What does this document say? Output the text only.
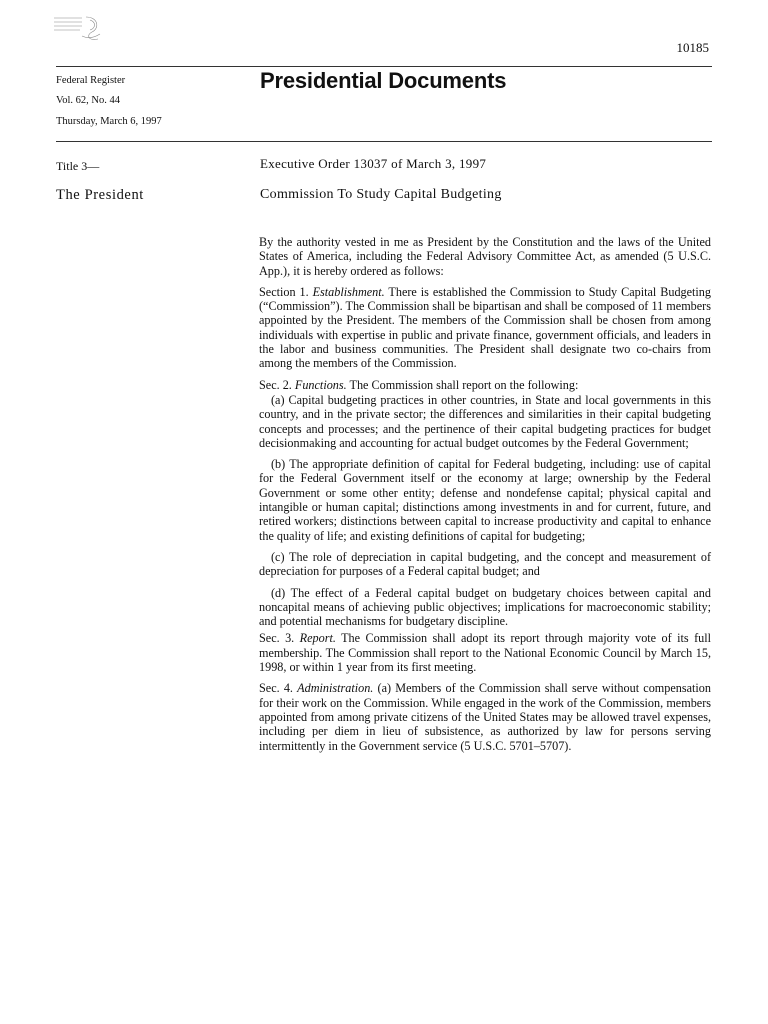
10185
Federal Register
Vol. 62, No. 44
Thursday, March 6, 1997
Presidential Documents
Title 3—
The President
Executive Order 13037 of March 3, 1997
Commission To Study Capital Budgeting

By the authority vested in me as President by the Constitution and the laws of the United States of America, including the Federal Advisory Committee Act, as amended (5 U.S.C. App.), it is hereby ordered as follows:

Section 1. Establishment. There is established the Commission to Study Capital Budgeting (“Commission”). The Commission shall be bipartisan and shall be composed of 11 members appointed by the President. The members of the Commission shall be chosen from among individuals with expertise in public and private finance, government officials, and leaders in the labor and business communities. The President shall designate two co-chairs from among the members of the Commission.

Sec. 2. Functions. The Commission shall report on the following:

(a) Capital budgeting practices in other countries, in State and local governments in this country, and in the private sector; the differences and similarities in their capital budgeting concepts and processes; and the pertinence of their capital budgeting practices for budget decisionmaking and accounting for actual budget outcomes by the Federal Government;

(b) The appropriate definition of capital for Federal budgeting, including: use of capital for the Federal Government itself or the economy at large; ownership by the Federal Government or some other entity; defense and nondefense capital; physical capital and intangible or human capital; distinctions among investments in and for current, future, and retired workers; distinctions between capital to increase productivity and capital to enhance the quality of life; and existing definitions of capital for budgeting;

(c) The role of depreciation in capital budgeting, and the concept and measurement of depreciation for purposes of a Federal capital budget; and

(d) The effect of a Federal capital budget on budgetary choices between capital and noncapital means of achieving public objectives; implications for macroeconomic stability; and potential mechanisms for budgetary discipline.

Sec. 3. Report. The Commission shall adopt its report through majority vote of its full membership. The Commission shall report to the National Economic Council by March 15, 1998, or within 1 year from its first meeting.

Sec. 4. Administration. (a) Members of the Commission shall serve without compensation for their work on the Commission. While engaged in the work of the Commission, members appointed from among private citizens of the United States may be allowed travel expenses, including per diem in lieu of subsistence, as authorized by law for persons serving intermittently in the Government service (5 U.S.C. 5701–5707).
